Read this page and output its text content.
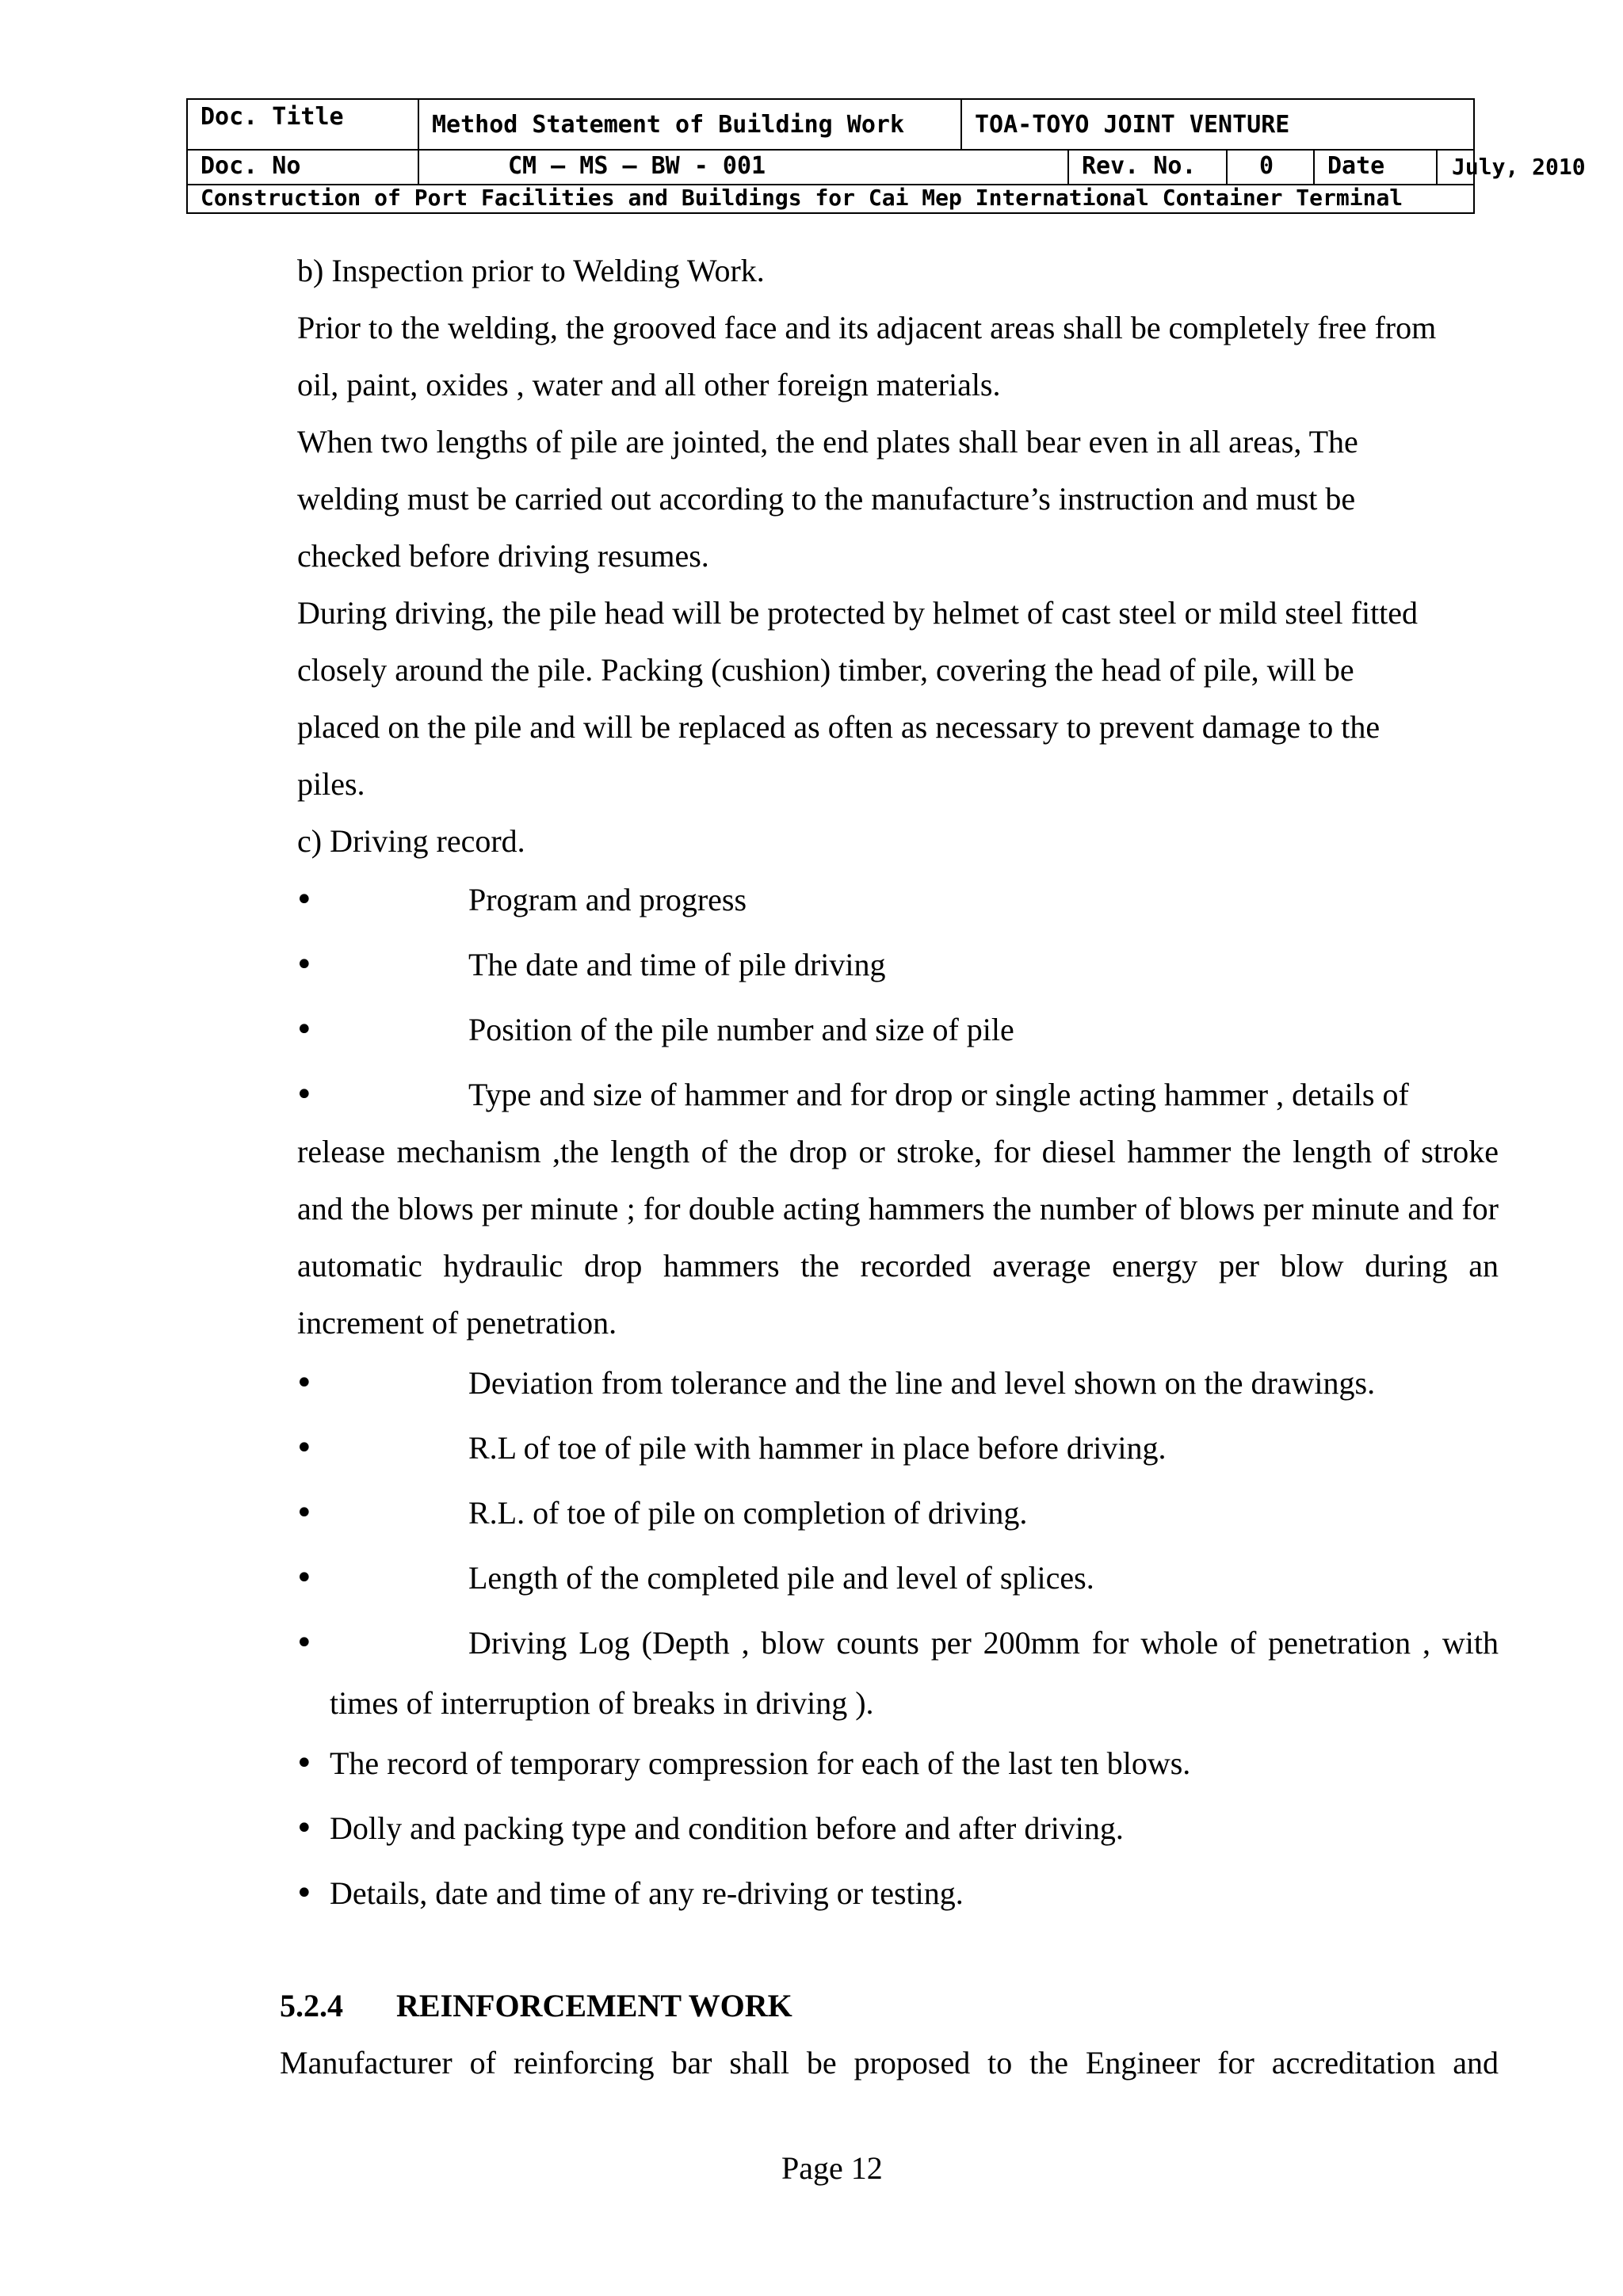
Doc. Title	Method Statement of Building Work	TOA-TOYO JOINT VENTURE
Doc. No	CM – MS – BW - 001	Rev. No.	0 Date	July, 2010
Construction of Port Facilities and Buildings for Cai Mep International Container Terminal
b) Inspection prior to Welding Work.
Prior to the welding, the grooved face and its adjacent areas shall be completely free from
oil, paint, oxides , water and all other foreign materials.
When two lengths of pile are jointed, the end plates shall bear even in all areas, The
welding must be carried out according to the manufacture’s instruction and must be
checked before driving resumes.
During driving, the pile head will be protected by helmet of cast steel or mild steel fitted
closely around the pile. Packing (cushion) timber, covering the head of pile, will be
placed on the pile and will be replaced as often as necessary to prevent damage to the
piles.
c) Driving record.
•	Program and progress
•	The date and time of pile driving
•	Position of the pile number and size of pile
•	Type and size of hammer and for drop or single acting hammer , details of
release mechanism ,the length of the drop or stroke, for diesel hammer the length of stroke and the blows per minute ; for double acting hammers the number of blows per minute and for automatic hydraulic drop hammers the recorded average energy per blow during an
increment of penetration.
•	Deviation from tolerance and the line and level shown on the drawings.
•	R.L of toe of pile with hammer in place before driving.
•	R.L. of toe of pile on completion of driving.
•	Length of the completed pile and level of splices.
•	Driving Log (Depth , blow counts per 200mm for whole of penetration , with
times of interruption of breaks in driving ).
• The record of temporary compression for each of the last ten blows.
• Dolly and packing type and condition before and after driving.
• Details, date and time of any re-driving or testing.
5.2.4 REINFORCEMENT WORK
Manufacturer of reinforcing bar shall be proposed to the Engineer for accreditation and
Page 12
